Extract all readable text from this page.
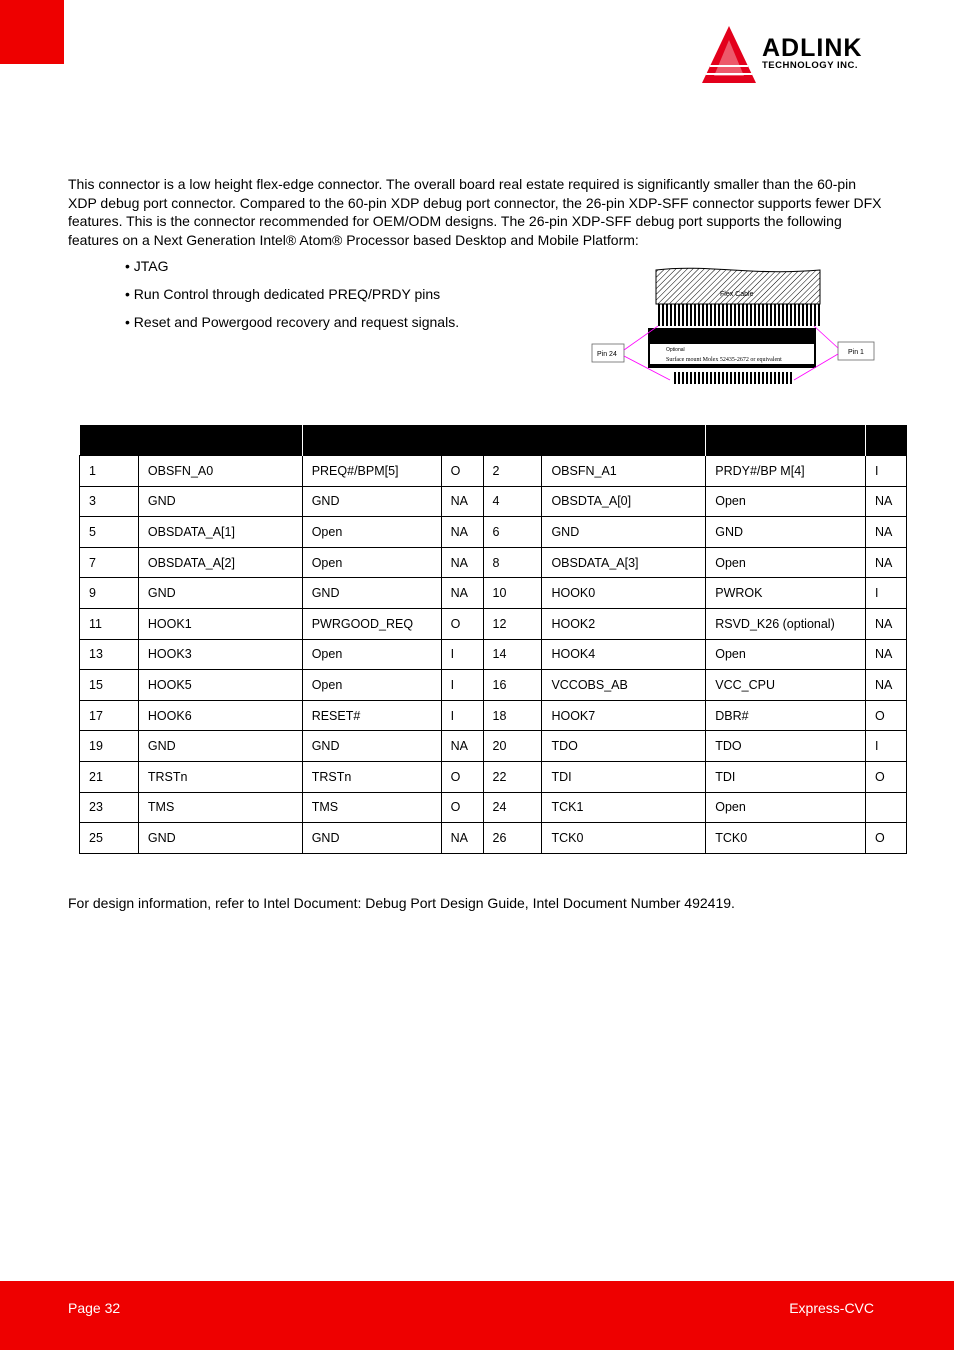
ADLINK
TECHNOLOGY INC.

This connector is a low height flex-edge connector. The overall board real estate required is significantly smaller than the 60-pin XDP debug port connector. Compared to the 60-pin XDP debug port connector, the 26-pin XDP-SFF connector supports fewer DFX features. This is the connector recommended for OEM/ODM designs. The 26-pin XDP-SFF debug port supports the following features on a Next Generation Intel® Atom® Processor based Desktop and Mobile Platform:

• JTAG
• Run Control through dedicated PREQ/PRDY pins
• Reset and Powergood recovery and request signals.
Flex Cable
Optional
Surface mount Molex 52435-2672 or equivalent
Pin 24	Pin 1

1	OBSFN_A0	PREQ#/BPM[5]	O	2	OBSFN_A1	PRDY#/BP M[4]	I
3	GND	GND	NA	4	OBSDTA_A[0]	Open	NA
5	OBSDATA_A[1]	Open	NA	6	GND	GND	NA
7	OBSDATA_A[2]	Open	NA	8	OBSDATA_A[3]	Open	NA
9	GND	GND	NA	10	HOOK0	PWROK	I
11	HOOK1	PWRGOOD_REQ	O	12	HOOK2	RSVD_K26 (optional)	NA
13	HOOK3	Open	I	14	HOOK4	Open	NA
15	HOOK5	Open	I	16	VCCOBS_AB	VCC_CPU	NA
17	HOOK6	RESET#	I	18	HOOK7	DBR#	O
19	GND	GND	NA	20	TDO	TDO	I
21	TRSTn	TRSTn	O	22	TDI	TDI	O
23	TMS	TMS	O	24	TCK1	Open	
25	GND	GND	NA	26	TCK0	TCK0	O

For design information, refer to Intel Document: Debug Port Design Guide, Intel Document Number 492419.

Page 32	Express-CVC
